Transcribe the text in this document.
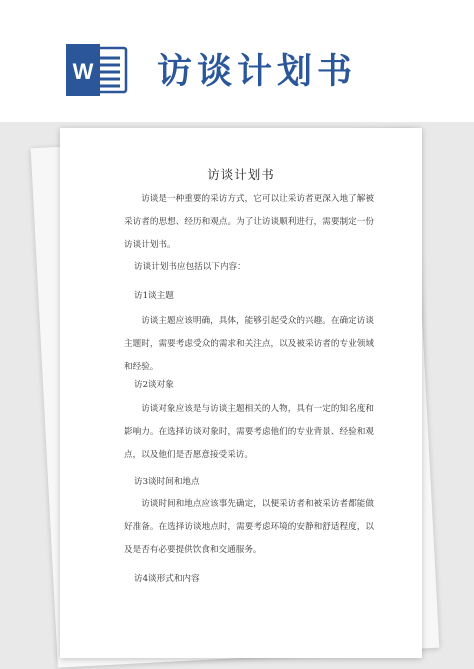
W 访谈计划书
访谈计划书

访谈是一种重要的采访方式，它可以让采访者更深入地了解被采访者的思想、经历和观点。为了让访谈顺利进行，需要制定一份访谈计划书。

访谈计划书应包括以下内容：

访1谈主题

访谈主题应该明确，具体，能够引起受众的兴趣。在确定访谈主题时，需要考虑受众的需求和关注点，以及被采访者的专业领域和经验。

访2谈对象

访谈对象应该是与访谈主题相关的人物，具有一定的知名度和影响力。在选择访谈对象时，需要考虑他们的专业背景、经验和观点，以及他们是否愿意接受采访。

访3谈时间和地点

访谈时间和地点应该事先确定，以便采访者和被采访者都能做好准备。在选择访谈地点时，需要考虑环境的安静和舒适程度，以及是否有必要提供饮食和交通服务。

访4谈形式和内容
